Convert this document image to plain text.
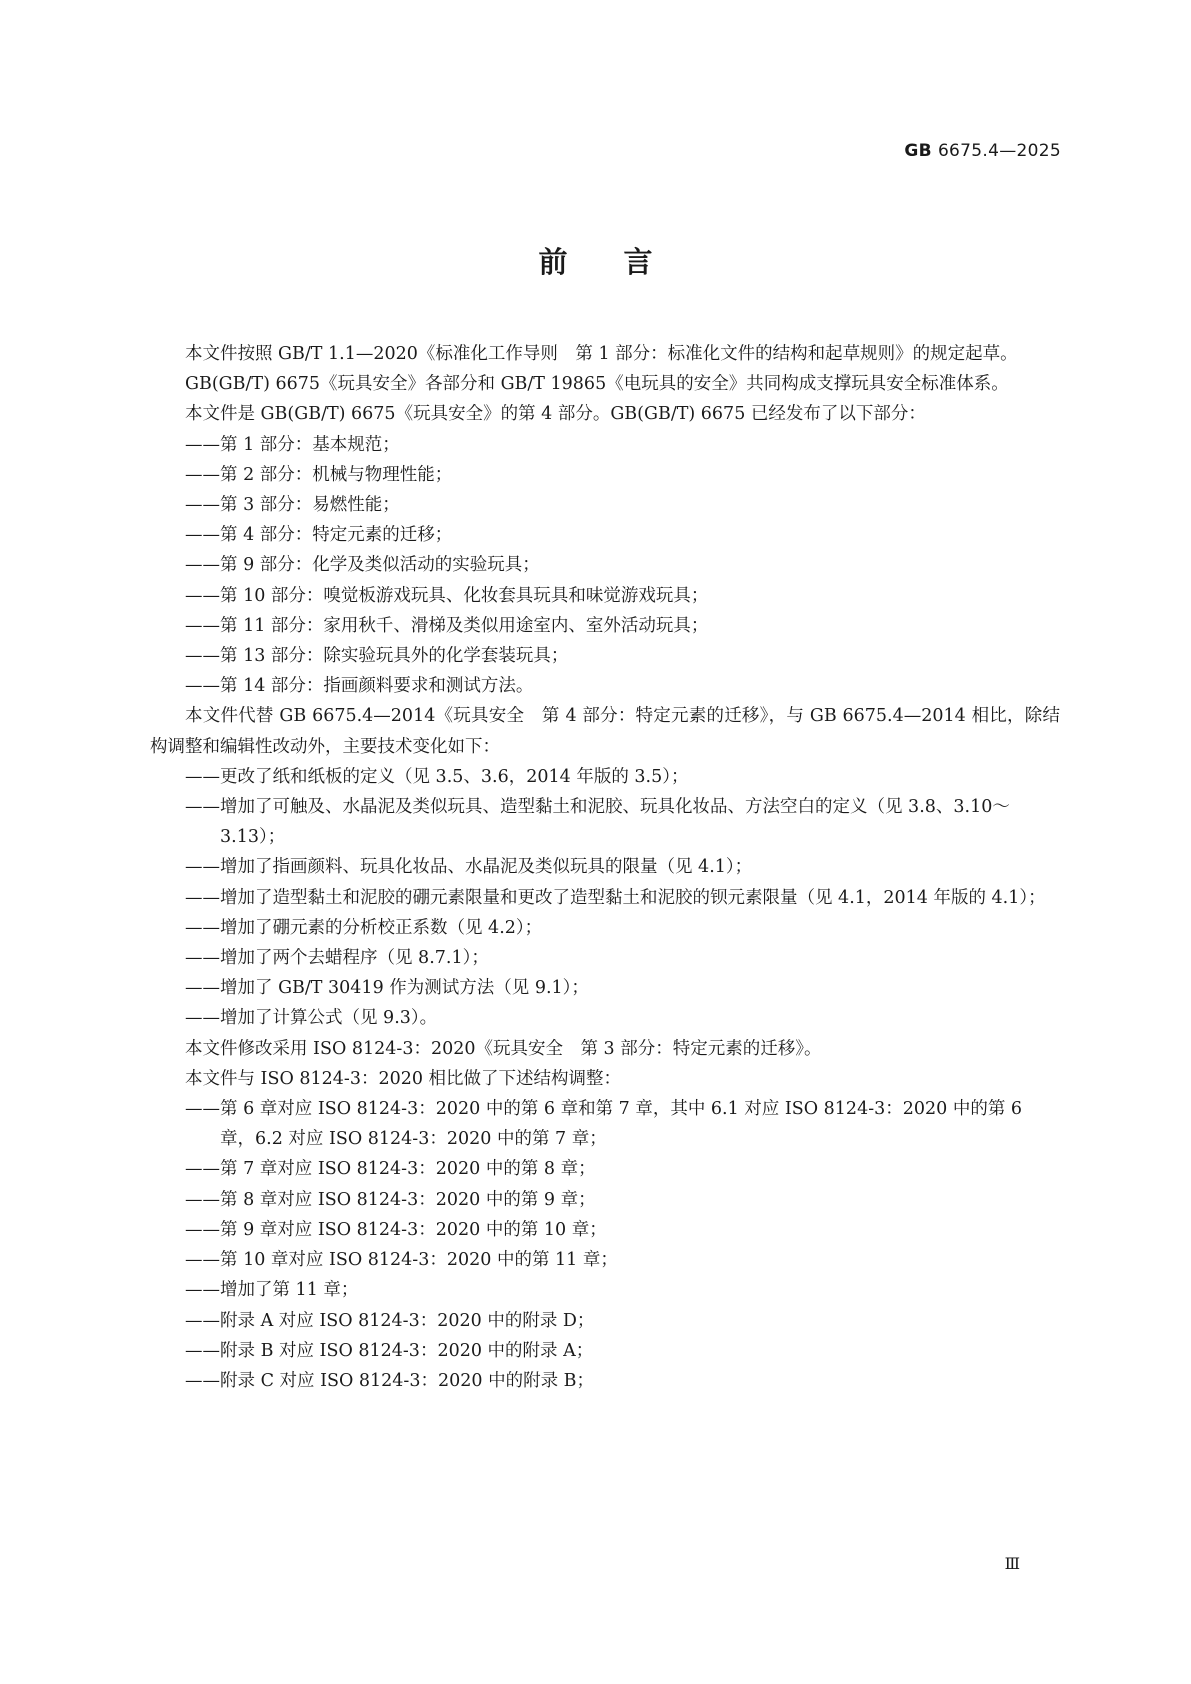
GB 6675.4—2025
前言

本文件按照 GB/T 1.1—2020《标准化工作导则　第 1 部分：标准化文件的结构和起草规则》的规定起草。

GB(GB/T) 6675《玩具安全》各部分和 GB/T 19865《电玩具的安全》共同构成支撑玩具安全标准体系。

本文件是 GB(GB/T) 6675《玩具安全》的第 4 部分。GB(GB/T) 6675 已经发布了以下部分：

——第 1 部分：基本规范；

——第 2 部分：机械与物理性能；

——第 3 部分：易燃性能；

——第 4 部分：特定元素的迁移；

——第 9 部分：化学及类似活动的实验玩具；

——第 10 部分：嗅觉板游戏玩具、化妆套具玩具和味觉游戏玩具；

——第 11 部分：家用秋千、滑梯及类似用途室内、室外活动玩具；

——第 13 部分：除实验玩具外的化学套装玩具；

——第 14 部分：指画颜料要求和测试方法。

本文件代替 GB 6675.4—2014《玩具安全　第 4 部分：特定元素的迁移》，与 GB 6675.4—2014 相比，除结构调整和编辑性改动外，主要技术变化如下：

——更改了纸和纸板的定义（见 3.5、3.6，2014 年版的 3.5）；

——增加了可触及、水晶泥及类似玩具、造型黏土和泥胶、玩具化妆品、方法空白的定义（见 3.8、3.10～3.13）；

——增加了指画颜料、玩具化妆品、水晶泥及类似玩具的限量（见 4.1）；

——增加了造型黏土和泥胶的硼元素限量和更改了造型黏土和泥胶的钡元素限量（见 4.1，2014 年版的 4.1）；

——增加了硼元素的分析校正系数（见 4.2）；

——增加了两个去蜡程序（见 8.7.1）；

——增加了 GB/T 30419 作为测试方法（见 9.1）；

——增加了计算公式（见 9.3）。

本文件修改采用 ISO 8124-3：2020《玩具安全　第 3 部分：特定元素的迁移》。

本文件与 ISO 8124-3：2020 相比做了下述结构调整：

——第 6 章对应 ISO 8124-3：2020 中的第 6 章和第 7 章，其中 6.1 对应 ISO 8124-3：2020 中的第 6 章，6.2 对应 ISO 8124-3：2020 中的第 7 章；

——第 7 章对应 ISO 8124-3：2020 中的第 8 章；

——第 8 章对应 ISO 8124-3：2020 中的第 9 章；

——第 9 章对应 ISO 8124-3：2020 中的第 10 章；

——第 10 章对应 ISO 8124-3：2020 中的第 11 章；

——增加了第 11 章；

——附录 A 对应 ISO 8124-3：2020 中的附录 D；

——附录 B 对应 ISO 8124-3：2020 中的附录 A；

——附录 C 对应 ISO 8124-3：2020 中的附录 B；

Ⅲ
